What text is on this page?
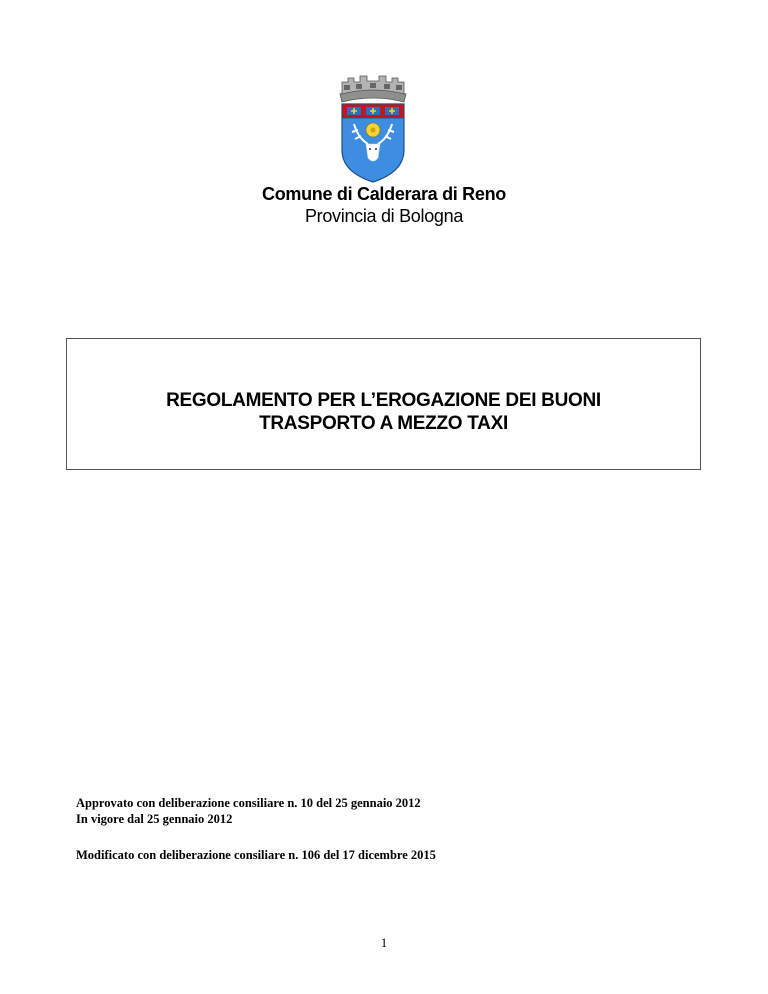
Comune di Calderara di Reno
Provincia di Bologna
REGOLAMENTO PER L’EROGAZIONE DEI BUONI
TRASPORTO A MEZZO TAXI
Approvato con deliberazione consiliare n. 10 del 25 gennaio 2012
In vigore dal 25 gennaio 2012
Modificato con deliberazione consiliare n. 106 del 17 dicembre 2015
1
